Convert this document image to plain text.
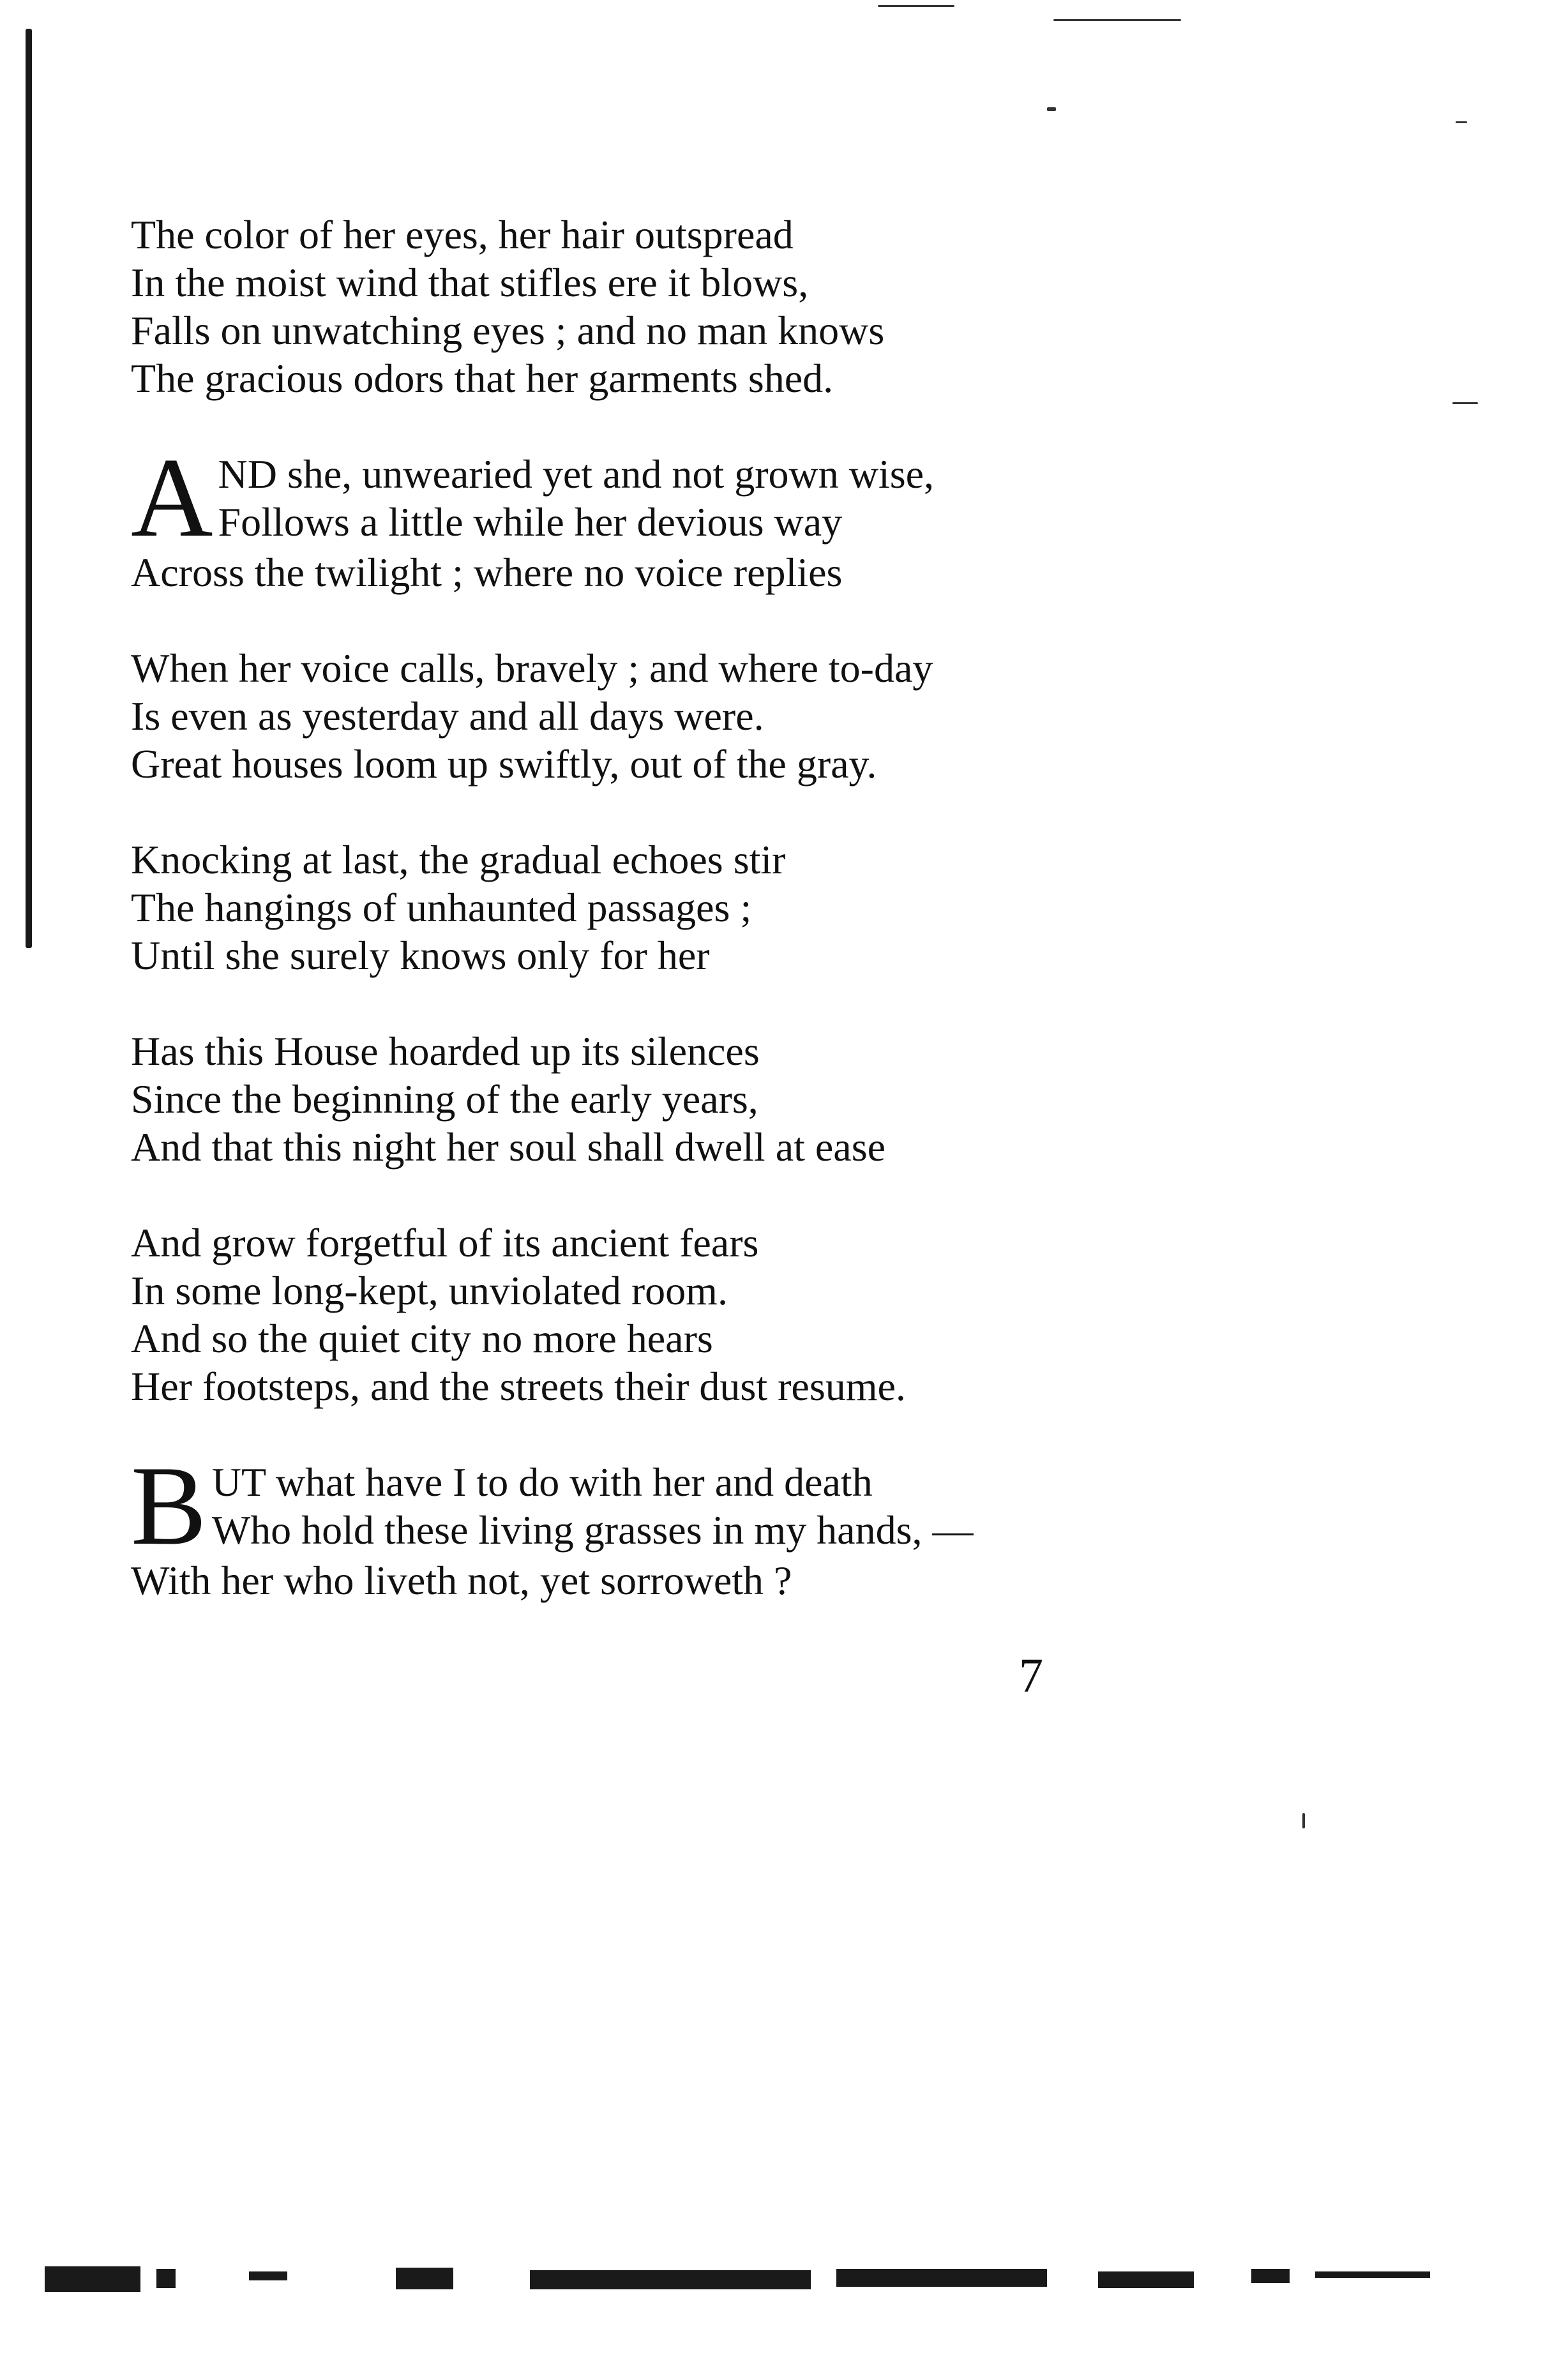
The color of her eyes, her hair outspread
In the moist wind that stifles ere it blows,
Falls on unwatching eyes ; and no man knows
The gracious odors that her garments shed.
A ND she, unwearied yet and not grown wise,
Follows a little while her devious way
Across the twilight ; where no voice replies
When her voice calls, bravely ; and where to-day
Is even as yesterday and all days were.
Great houses loom up swiftly, out of the gray.
Knocking at last, the gradual echoes stir
The hangings of unhaunted passages ;
Until she surely knows only for her
Has this House hoarded up its silences
Since the beginning of the early years,
And that this night her soul shall dwell at ease
And grow forgetful of its ancient fears
In some long-kept, unviolated room.
And so the quiet city no more hears
Her footsteps, and the streets their dust resume.
B UT what have I to do with her and death
Who hold these living grasses in my hands, —
With her who liveth not, yet sorroweth ?
7
